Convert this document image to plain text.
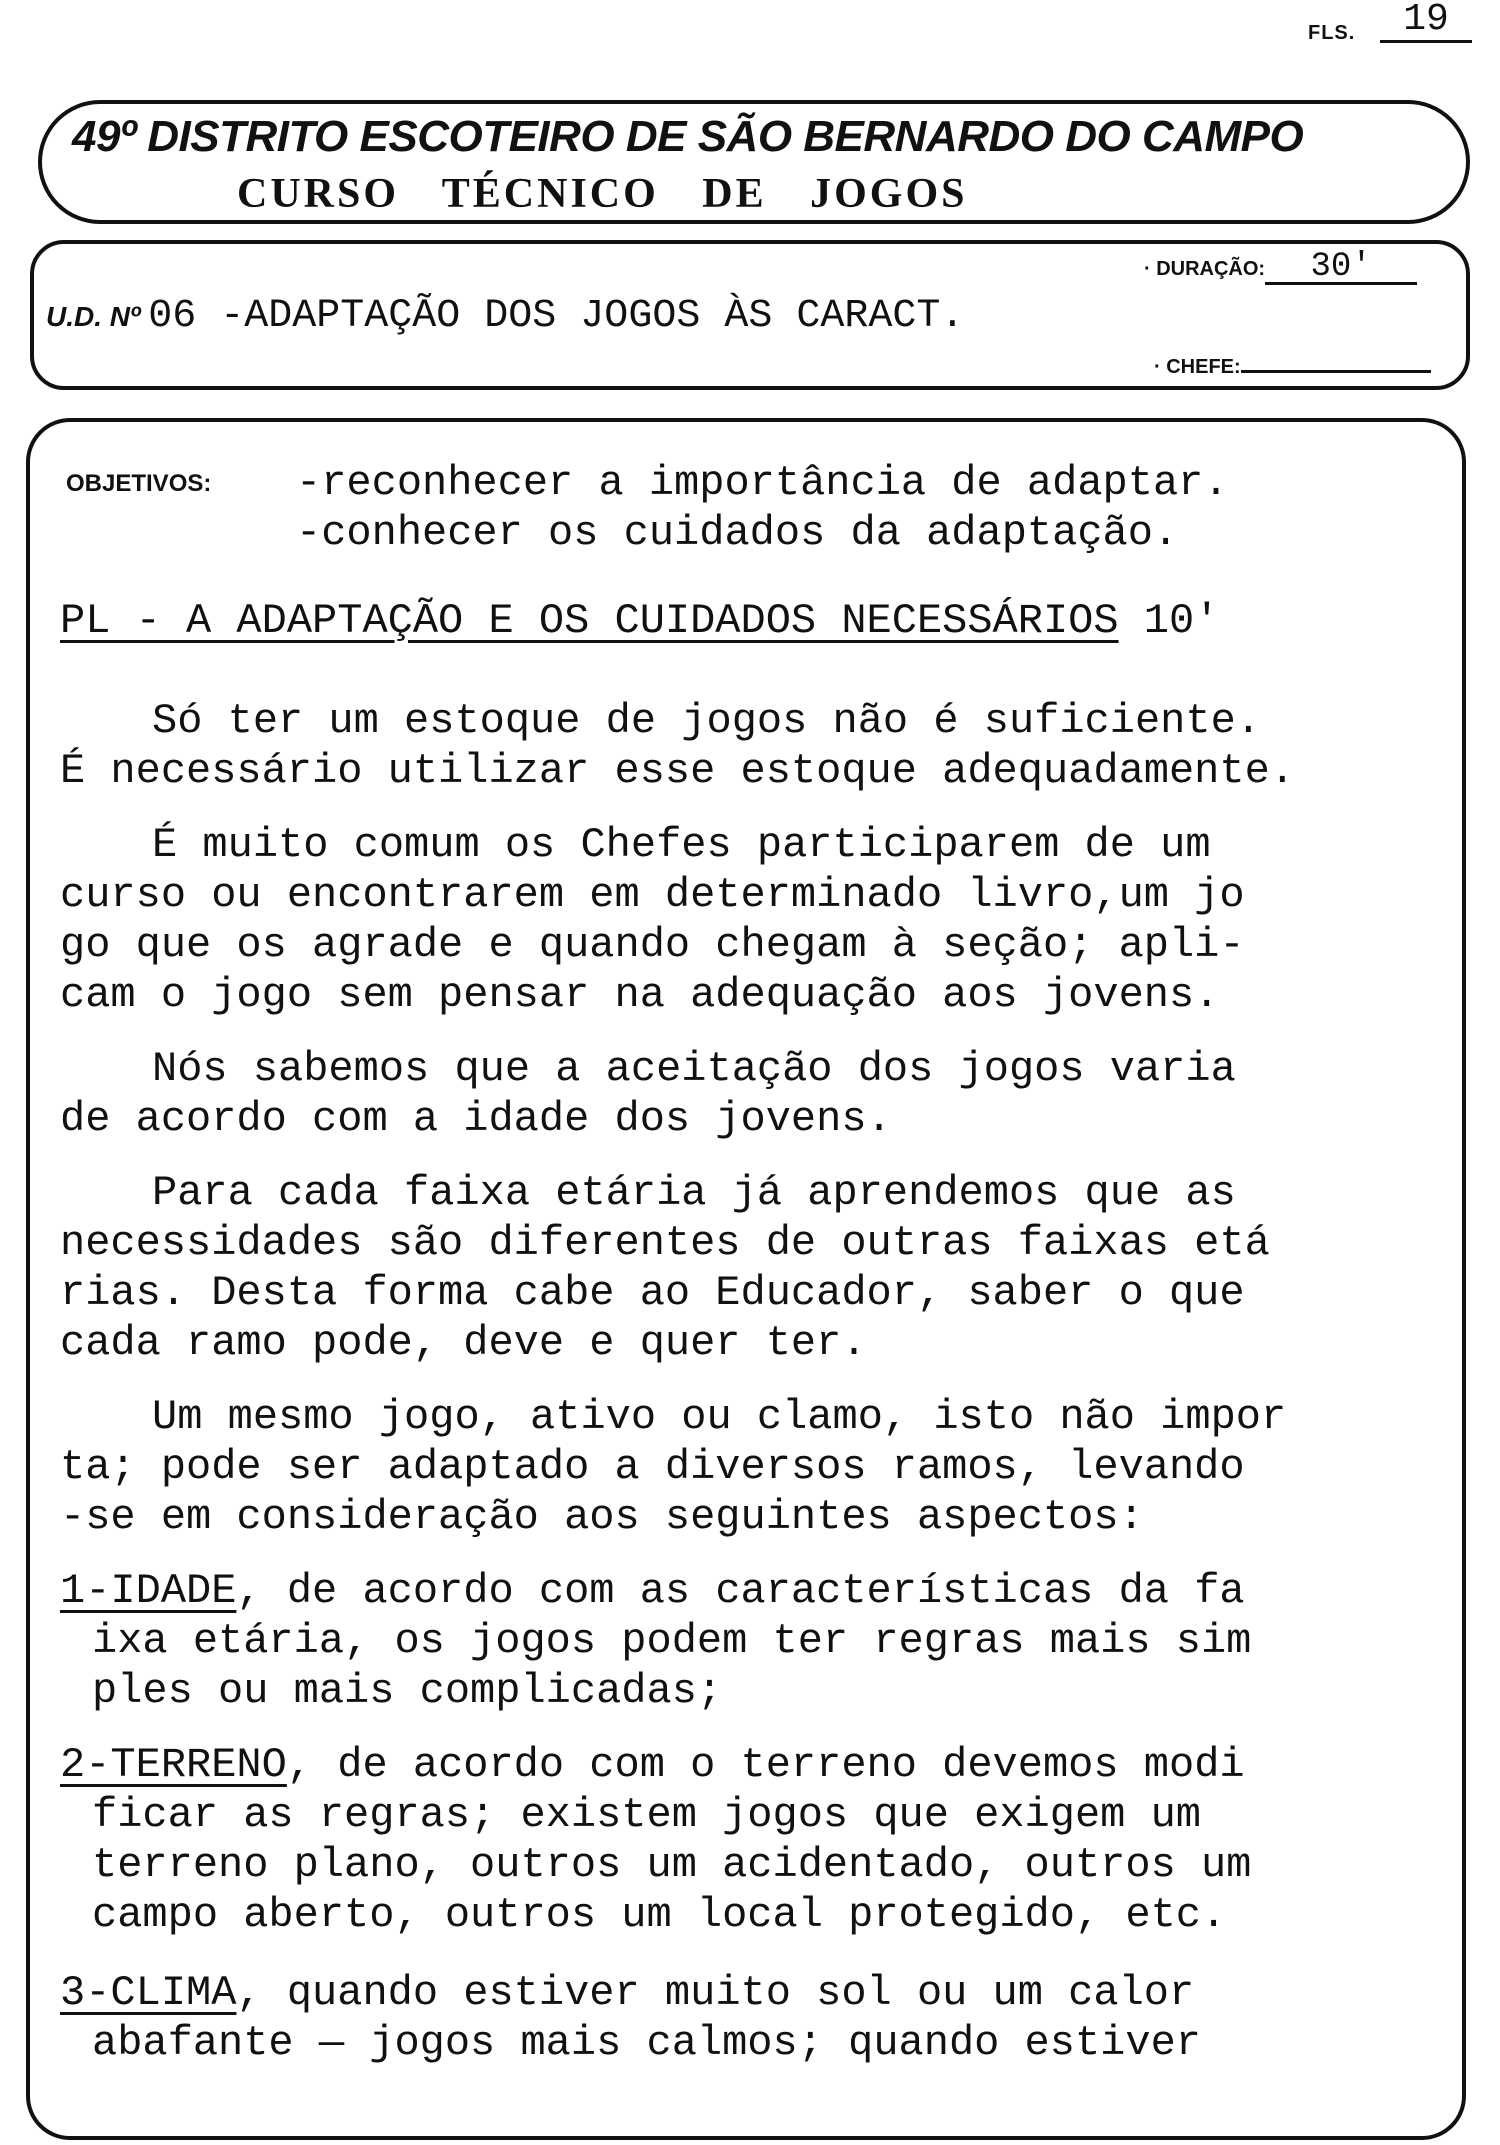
FLS.	19
49º DISTRITO ESCOTEIRO DE SÃO BERNARDO DO CAMPO
CURSO TÉCNICO DE JOGOS
· DURAÇÃO: 30'
U.D. Nº 06 -ADAPTAÇÃO DOS JOGOS ÀS CARACT.
· CHEFE:
OBJETIVOS: -reconhecer a importância de adaptar.
-conhecer os cuidados da adaptação.
PL - A ADAPTAÇÃO E OS CUIDADOS NECESSÁRIOS 10'
Só ter um estoque de jogos não é suficiente.
É necessário utilizar esse estoque adequadamente.
É muito comum os Chefes participarem de um
curso ou encontrarem em determinado livro,um jo
go que os agrade e quando chegam à seção; apli-
cam o jogo sem pensar na adequação aos jovens.
Nós sabemos que a aceitação dos jogos varia
de acordo com a idade dos jovens.
Para cada faixa etária já aprendemos que as
necessidades são diferentes de outras faixas etá
rias. Desta forma cabe ao Educador, saber o que
cada ramo pode, deve e quer ter.
Um mesmo jogo, ativo ou clamo, isto não impor
ta; pode ser adaptado a diversos ramos, levando
-se em consideração aos seguintes aspectos:
1-IDADE, de acordo com as características da fa
ixa etária, os jogos podem ter regras mais sim
ples ou mais complicadas;
2-TERRENO, de acordo com o terreno devemos modi
ficar as regras; existem jogos que exigem um
terreno plano, outros um acidentado, outros um
campo aberto, outros um local protegido, etc.
3-CLIMA, quando estiver muito sol ou um calor
abafante — jogos mais calmos; quando estiver
